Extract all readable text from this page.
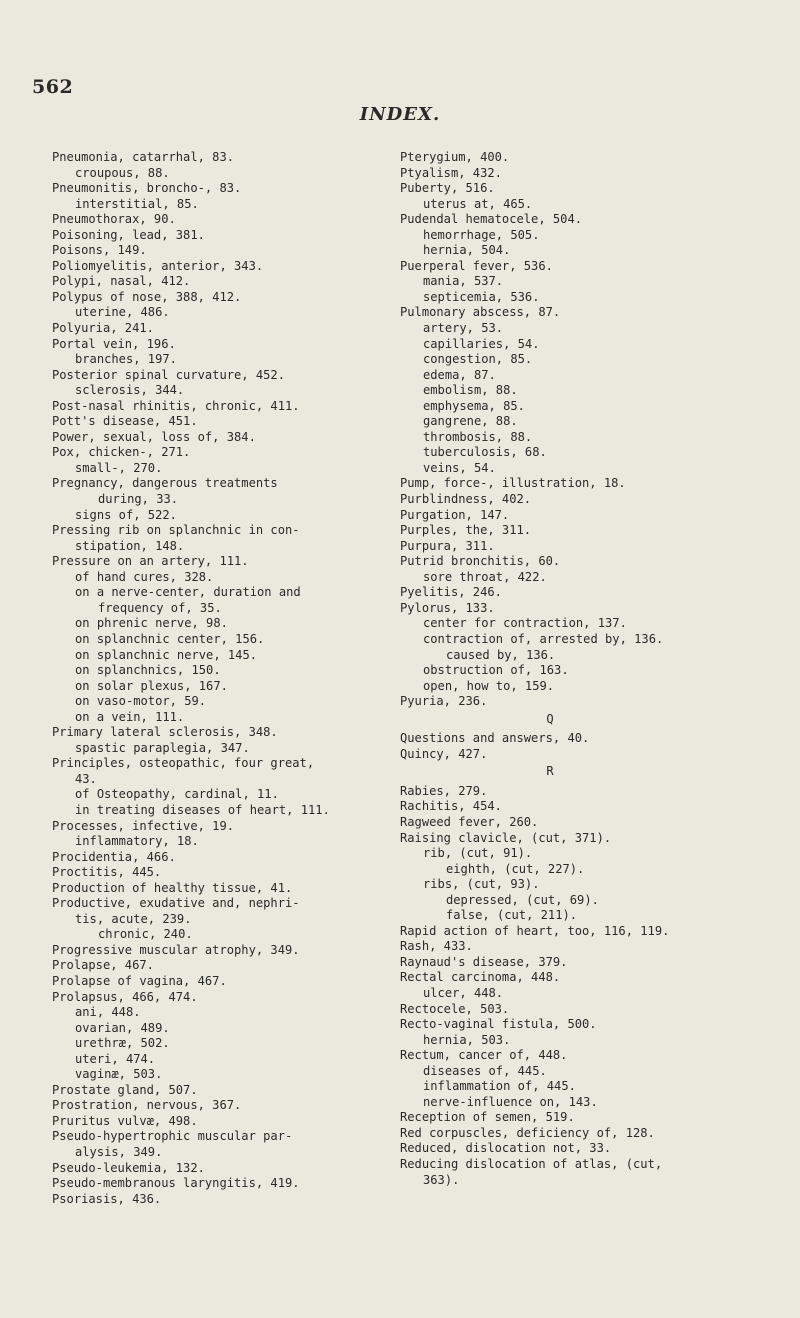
562
INDEX.
Pneumonia, catarrhal, 83.
croupous, 88.
Pneumonitis, broncho-, 83.
interstitial, 85.
Pneumothorax, 90.
Poisoning, lead, 381.
Poisons, 149.
Poliomyelitis, anterior, 343.
Polypi, nasal, 412.
Polypus of nose, 388, 412.
uterine, 486.
Polyuria, 241.
Portal vein, 196.
branches, 197.
Posterior spinal curvature, 452.
sclerosis, 344.
Post-nasal rhinitis, chronic, 411.
Pott's disease, 451.
Power, sexual, loss of, 384.
Pox, chicken-, 271.
small-, 270.
Pregnancy, dangerous treatments
during, 33.
signs of, 522.
Pressing rib on splanchnic in con-
stipation, 148.
Pressure on an artery, 111.
of hand cures, 328.
on a nerve-center, duration and
frequency of, 35.
on phrenic nerve, 98.
on splanchnic center, 156.
on splanchnic nerve, 145.
on splanchnics, 150.
on solar plexus, 167.
on vaso-motor, 59.
on a vein, 111.
Primary lateral sclerosis, 348.
spastic paraplegia, 347.
Principles, osteopathic, four great,
43.
of Osteopathy, cardinal, 11.
in treating diseases of heart, 111.
Processes, infective, 19.
inflammatory, 18.
Procidentia, 466.
Proctitis, 445.
Production of healthy tissue, 41.
Productive, exudative and, nephri-
tis, acute, 239.
chronic, 240.
Progressive muscular atrophy, 349.
Prolapse, 467.
Prolapse of vagina, 467.
Prolapsus, 466, 474.
ani, 448.
ovarian, 489.
urethræ, 502.
uteri, 474.
vaginæ, 503.
Prostate gland, 507.
Prostration, nervous, 367.
Pruritus vulvæ, 498.
Pseudo-hypertrophic muscular par-
alysis, 349.
Pseudo-leukemia, 132.
Pseudo-membranous laryngitis, 419.
Psoriasis, 436.
Pterygium, 400.
Ptyalism, 432.
Puberty, 516.
uterus at, 465.
Pudendal hematocele, 504.
hemorrhage, 505.
hernia, 504.
Puerperal fever, 536.
mania, 537.
septicemia, 536.
Pulmonary abscess, 87.
artery, 53.
capillaries, 54.
congestion, 85.
edema, 87.
embolism, 88.
emphysema, 85.
gangrene, 88.
thrombosis, 88.
tuberculosis, 68.
veins, 54.
Pump, force-, illustration, 18.
Purblindness, 402.
Purgation, 147.
Purples, the, 311.
Purpura, 311.
Putrid bronchitis, 60.
sore throat, 422.
Pyelitis, 246.
Pylorus, 133.
center for contraction, 137.
contraction of, arrested by, 136.
caused by, 136.
obstruction of, 163.
open, how to, 159.
Pyuria, 236.
Q
Questions and answers, 40.
Quincy, 427.
R
Rabies, 279.
Rachitis, 454.
Ragweed fever, 260.
Raising clavicle, (cut, 371).
rib, (cut, 91).
eighth, (cut, 227).
ribs, (cut, 93).
depressed, (cut, 69).
false, (cut, 211).
Rapid action of heart, too, 116, 119.
Rash, 433.
Raynaud's disease, 379.
Rectal carcinoma, 448.
ulcer, 448.
Rectocele, 503.
Recto-vaginal fistula, 500.
hernia, 503.
Rectum, cancer of, 448.
diseases of, 445.
inflammation of, 445.
nerve-influence on, 143.
Reception of semen, 519.
Red corpuscles, deficiency of, 128.
Reduced, dislocation not, 33.
Reducing dislocation of atlas, (cut,
363).
